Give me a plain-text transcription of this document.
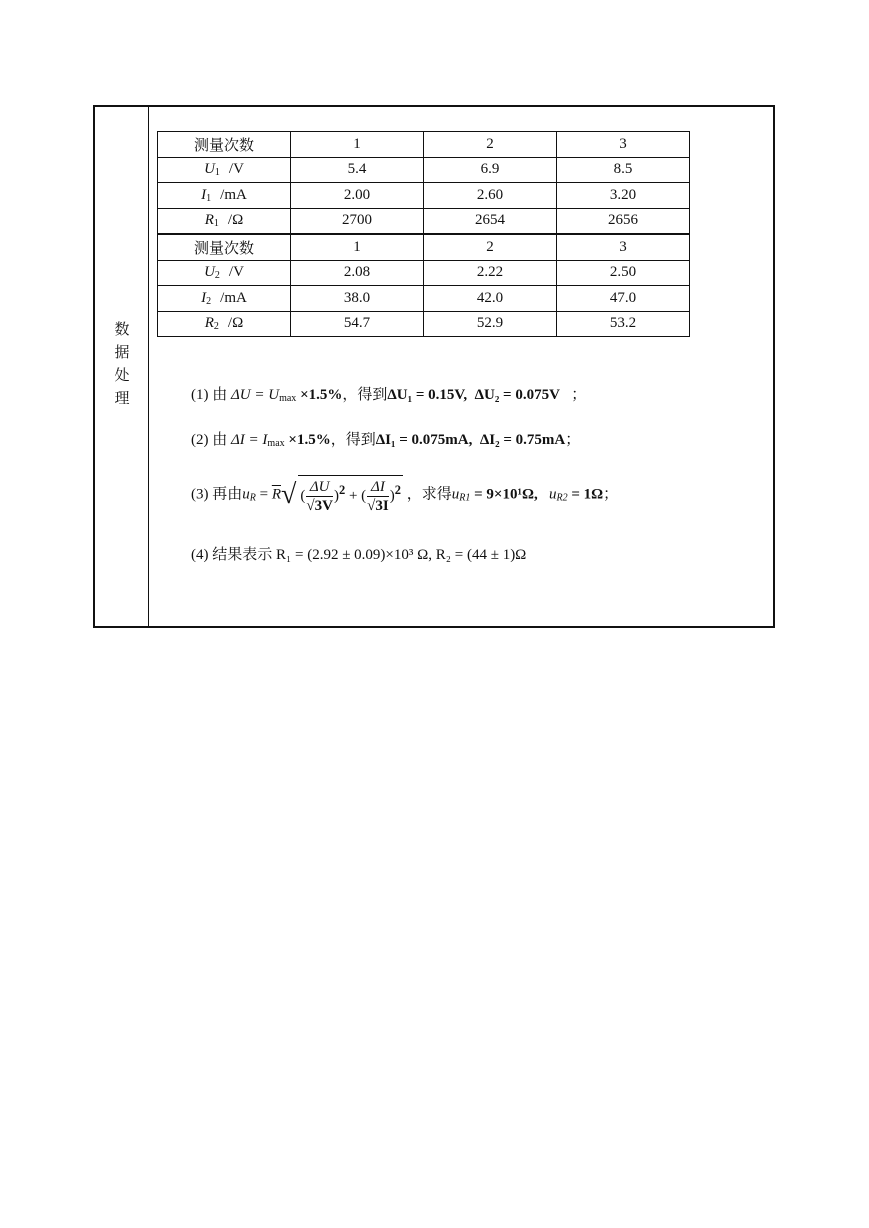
数
据
处
理
测量次数	1	2	3
$U_1$ /V	5.4	6.9	8.5
$I_1$ /mA	2.00	2.60	3.20
$R_1$ /Ω	2700	2654	2656
测量次数	1	2	3
$U_2$ /V	2.08	2.22	2.50
$I_2$ /mA	38.0	42.0	47.0
$R_2$ /Ω	54.7	52.9	53.2
(1) 由 $\Delta U = U_{max} \times 1.5\%$，得到ΔU₁ = 0.15V, ΔU₂ = 0.075V ；
(2) 由 $\Delta I = I_{max} \times 1.5\%$，得到ΔI₁ = 0.075mA, ΔI₂ = 0.75mA；
(3) 再由$u_R = \overline{R}√$ ( $\frac{\Delta U}{√3V} )^2$ + ( $\frac{\Delta I}{√3I} )^2$ ，求得$u_{R1} = 9\times 10^1\Omega$, $u_{R2} = 1\Omega$；
(4) 结果表示 R₁ = (2.92 ± 0.09)×10³ Ω, R₂ = (44 ± 1)Ω
